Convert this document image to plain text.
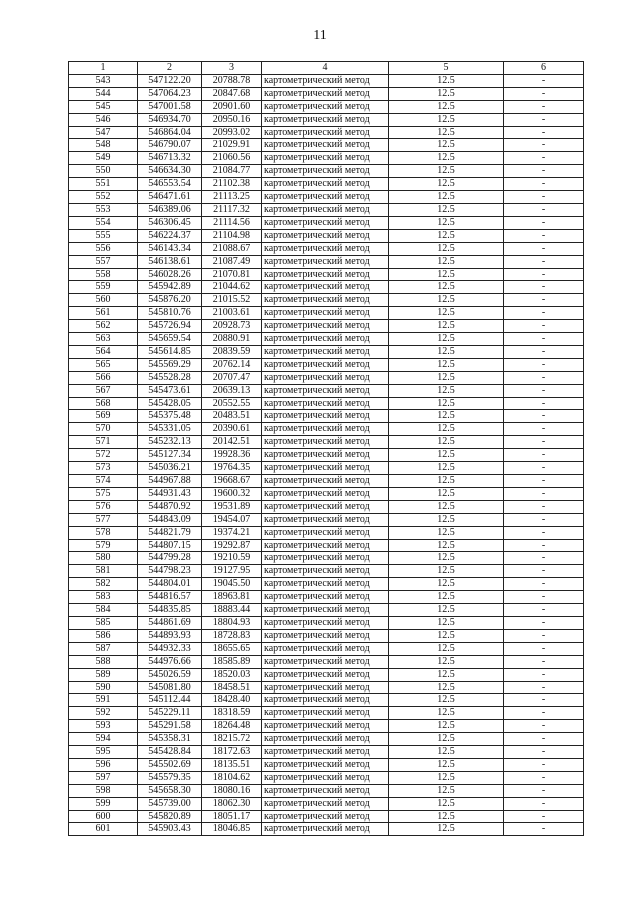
11
1	2	3	4	5	6
543	547122.20	20788.78	картометрический метод	12.5	-
544	547064.23	20847.68	картометрический метод	12.5	-
545	547001.58	20901.60	картометрический метод	12.5	-
546	546934.70	20950.16	картометрический метод	12.5	-
547	546864.04	20993.02	картометрический метод	12.5	-
548	546790.07	21029.91	картометрический метод	12.5	-
549	546713.32	21060.56	картометрический метод	12.5	-
550	546634.30	21084.77	картометрический метод	12.5	-
551	546553.54	21102.38	картометрический метод	12.5	-
552	546471.61	21113.25	картометрический метод	12.5	-
553	546389.06	21117.32	картометрический метод	12.5	-
554	546306.45	21114.56	картометрический метод	12.5	-
555	546224.37	21104.98	картометрический метод	12.5	-
556	546143.34	21088.67	картометрический метод	12.5	-
557	546138.61	21087.49	картометрический метод	12.5	-
558	546028.26	21070.81	картометрический метод	12.5	-
559	545942.89	21044.62	картометрический метод	12.5	-
560	545876.20	21015.52	картометрический метод	12.5	-
561	545810.76	21003.61	картометрический метод	12.5	-
562	545726.94	20928.73	картометрический метод	12.5	-
563	545659.54	20880.91	картометрический метод	12.5	-
564	545614.85	20839.59	картометрический метод	12.5	-
565	545569.29	20762.14	картометрический метод	12.5	-
566	545528.28	20707.47	картометрический метод	12.5	-
567	545473.61	20639.13	картометрический метод	12.5	-
568	545428.05	20552.55	картометрический метод	12.5	-
569	545375.48	20483.51	картометрический метод	12.5	-
570	545331.05	20390.61	картометрический метод	12.5	-
571	545232.13	20142.51	картометрический метод	12.5	-
572	545127.34	19928.36	картометрический метод	12.5	-
573	545036.21	19764.35	картометрический метод	12.5	-
574	544967.88	19668.67	картометрический метод	12.5	-
575	544931.43	19600.32	картометрический метод	12.5	-
576	544870.92	19531.89	картометрический метод	12.5	-
577	544843.09	19454.07	картометрический метод	12.5	-
578	544821.79	19374.21	картометрический метод	12.5	-
579	544807.15	19292.87	картометрический метод	12.5	-
580	544799.28	19210.59	картометрический метод	12.5	-
581	544798.23	19127.95	картометрический метод	12.5	-
582	544804.01	19045.50	картометрический метод	12.5	-
583	544816.57	18963.81	картометрический метод	12.5	-
584	544835.85	18883.44	картометрический метод	12.5	-
585	544861.69	18804.93	картометрический метод	12.5	-
586	544893.93	18728.83	картометрический метод	12.5	-
587	544932.33	18655.65	картометрический метод	12.5	-
588	544976.66	18585.89	картометрический метод	12.5	-
589	545026.59	18520.03	картометрический метод	12.5	-
590	545081.80	18458.51	картометрический метод	12.5	-
591	545112.44	18428.40	картометрический метод	12.5	-
592	545229.11	18318.59	картометрический метод	12.5	-
593	545291.58	18264.48	картометрический метод	12.5	-
594	545358.31	18215.72	картометрический метод	12.5	-
595	545428.84	18172.63	картометрический метод	12.5	-
596	545502.69	18135.51	картометрический метод	12.5	-
597	545579.35	18104.62	картометрический метод	12.5	-
598	545658.30	18080.16	картометрический метод	12.5	-
599	545739.00	18062.30	картометрический метод	12.5	-
600	545820.89	18051.17	картометрический метод	12.5	-
601	545903.43	18046.85	картометрический метод	12.5	-
